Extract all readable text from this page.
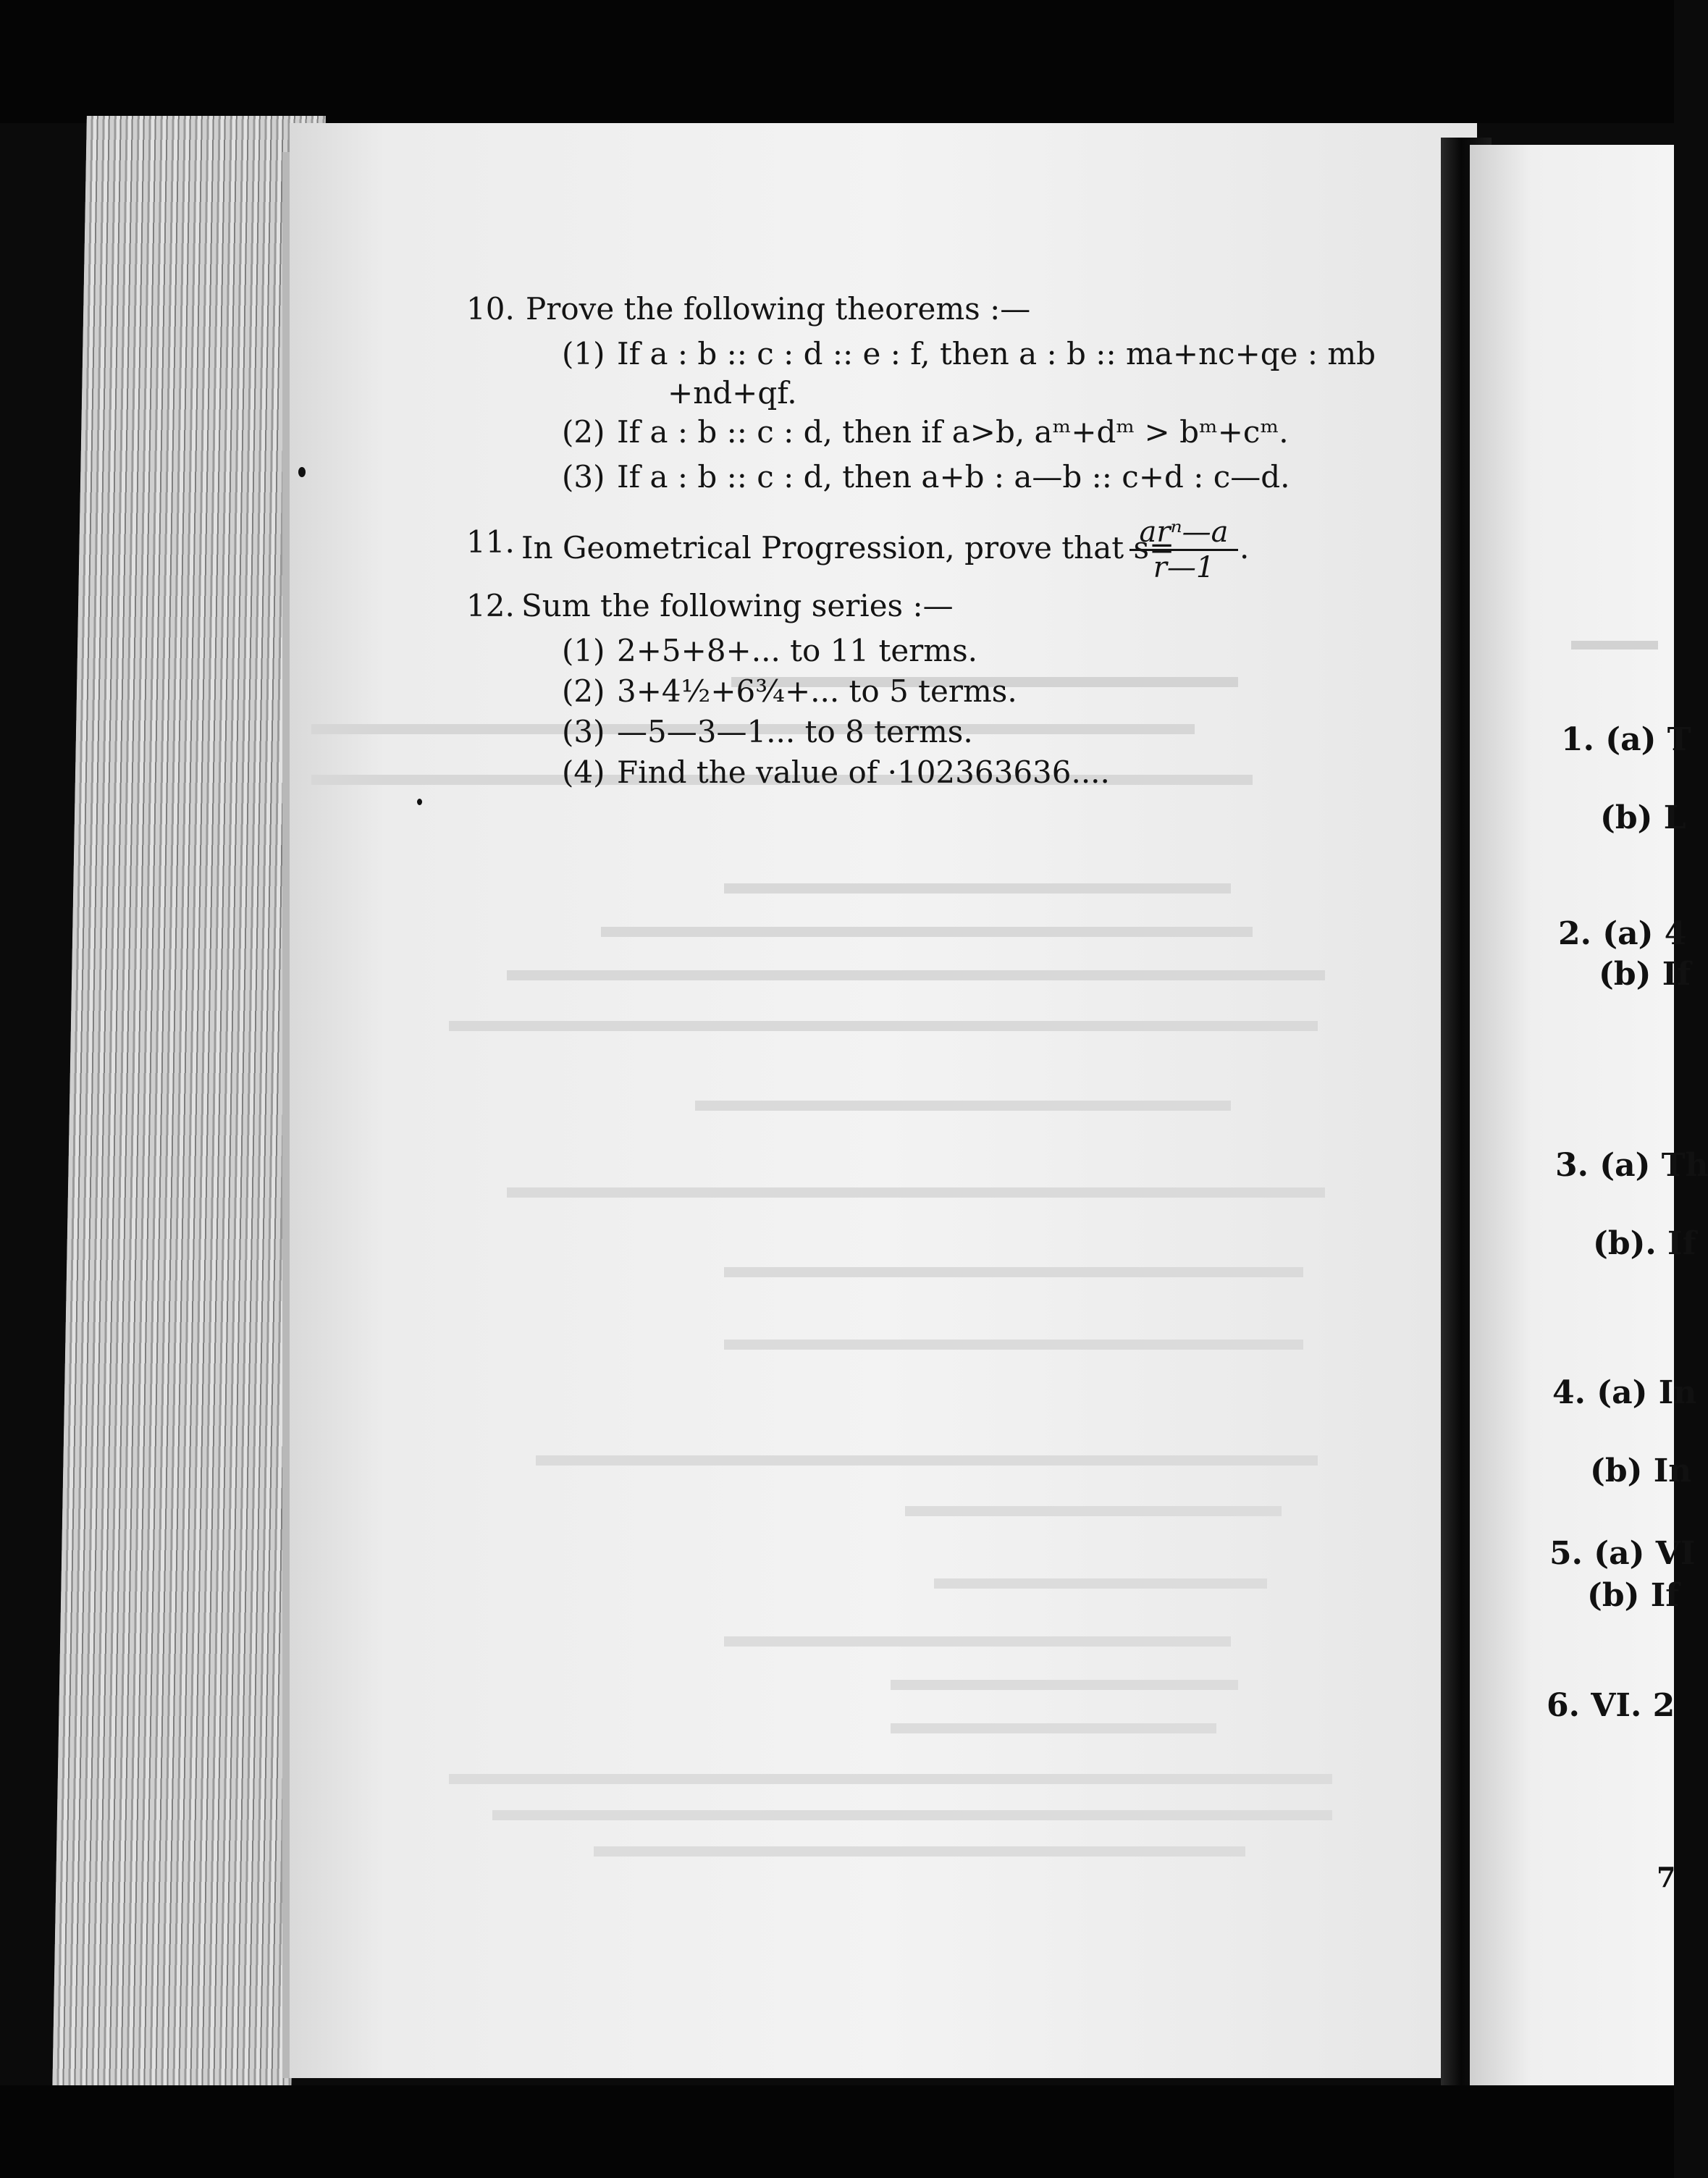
10. Prove the following theorems :—
(1) If a : b :: c : d :: e : f, then a : b :: ma+nc+qe : mb
+nd+qf.
(2) If a : b :: c : d, then if a>b, aᵐ+dᵐ > bᵐ+cᵐ.
(3) If a : b :: c : d, then a+b : a—b :: c+d : c—d.
11. In Geometrical Progression, prove that s=
arⁿ—a
r—1
.
12. Sum the following series :—
(1) 2+5+8+... to 11 terms.
(2) 3+4½+6¾+... to 5 terms.
(3) —5—3—1... to 8 terms.
(4) Find the value of ·102363636....
1. (a) T
(b) L
2. (a) 4
(b) If
3. (a) Th
(b). If
4. (a) In
(b) In
5. (a) VI
(b) If
6. VI. 2
7
